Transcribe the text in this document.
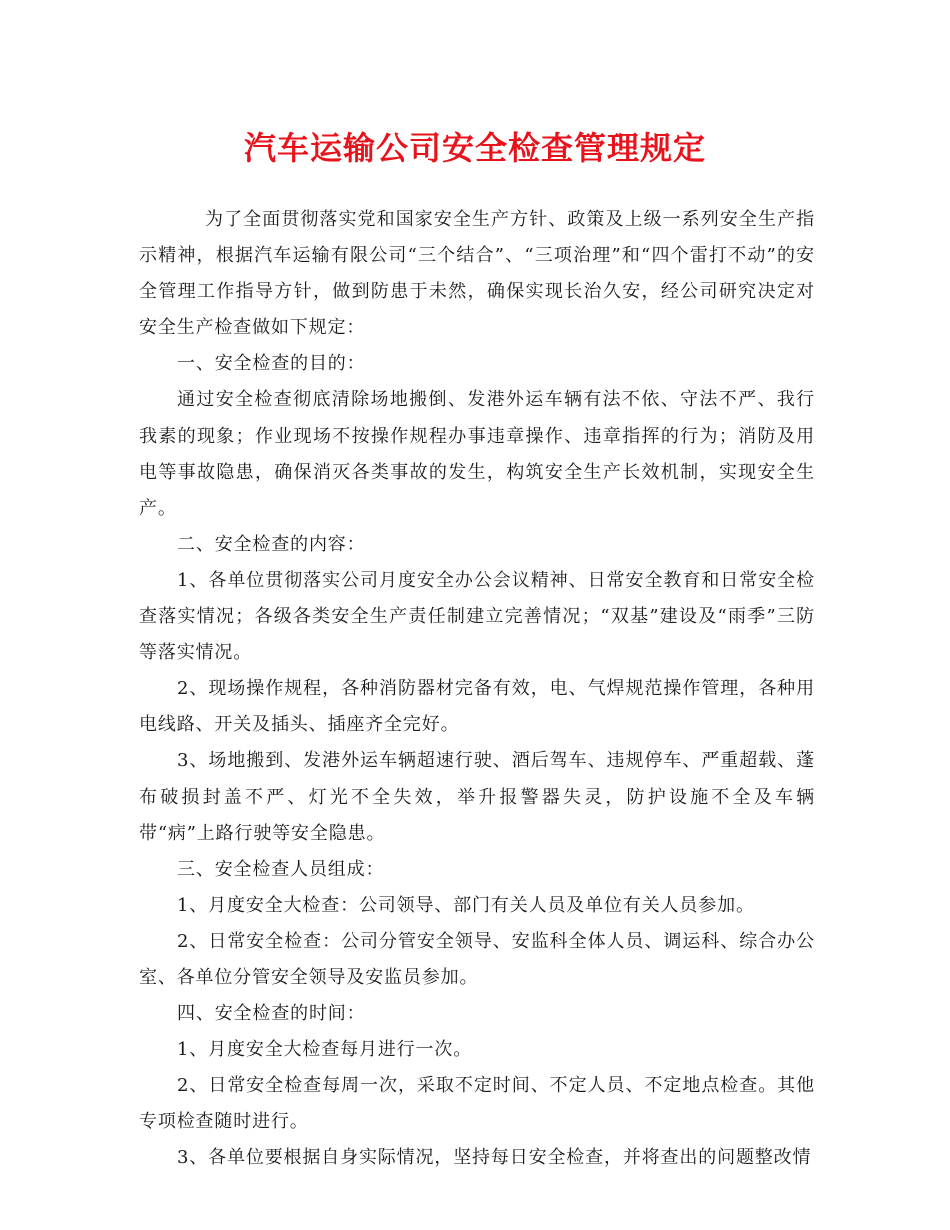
汽车运输公司安全检查管理规定

为了全面贯彻落实党和国家安全生产方针、政策及上级一系列安全生产指示精神，根据汽车运输有限公司“三个结合”、“三项治理”和“四个雷打不动”的安全管理工作指导方针，做到防患于未然，确保实现长治久安，经公司研究决定对安全生产检查做如下规定：

一、安全检查的目的：

通过安全检查彻底清除场地搬倒、发港外运车辆有法不依、守法不严、我行我素的现象；作业现场不按操作规程办事违章操作、违章指挥的行为；消防及用电等事故隐患，确保消灭各类事故的发生，构筑安全生产长效机制，实现安全生产。

二、安全检查的内容：

1、各单位贯彻落实公司月度安全办公会议精神、日常安全教育和日常安全检查落实情况；各级各类安全生产责任制建立完善情况；“双基”建设及“雨季”三防等落实情况。

2、现场操作规程，各种消防器材完备有效，电、气焊规范操作管理，各种用电线路、开关及插头、插座齐全完好。

3、场地搬到、发港外运车辆超速行驶、酒后驾车、违规停车、严重超载、蓬布破损封盖不严、灯光不全失效，举升报警器失灵，防护设施不全及车辆带“病”上路行驶等安全隐患。

三、安全检查人员组成：

1、月度安全大检查：公司领导、部门有关人员及单位有关人员参加。

2、日常安全检查：公司分管安全领导、安监科全体人员、调运科、综合办公室、各单位分管安全领导及安监员参加。

四、安全检查的时间：

1、月度安全大检查每月进行一次。

2、日常安全检查每周一次，采取不定时间、不定人员、不定地点检查。其他专项检查随时进行。

3、各单位要根据自身实际情况，坚持每日安全检查，并将查出的问题整改情
